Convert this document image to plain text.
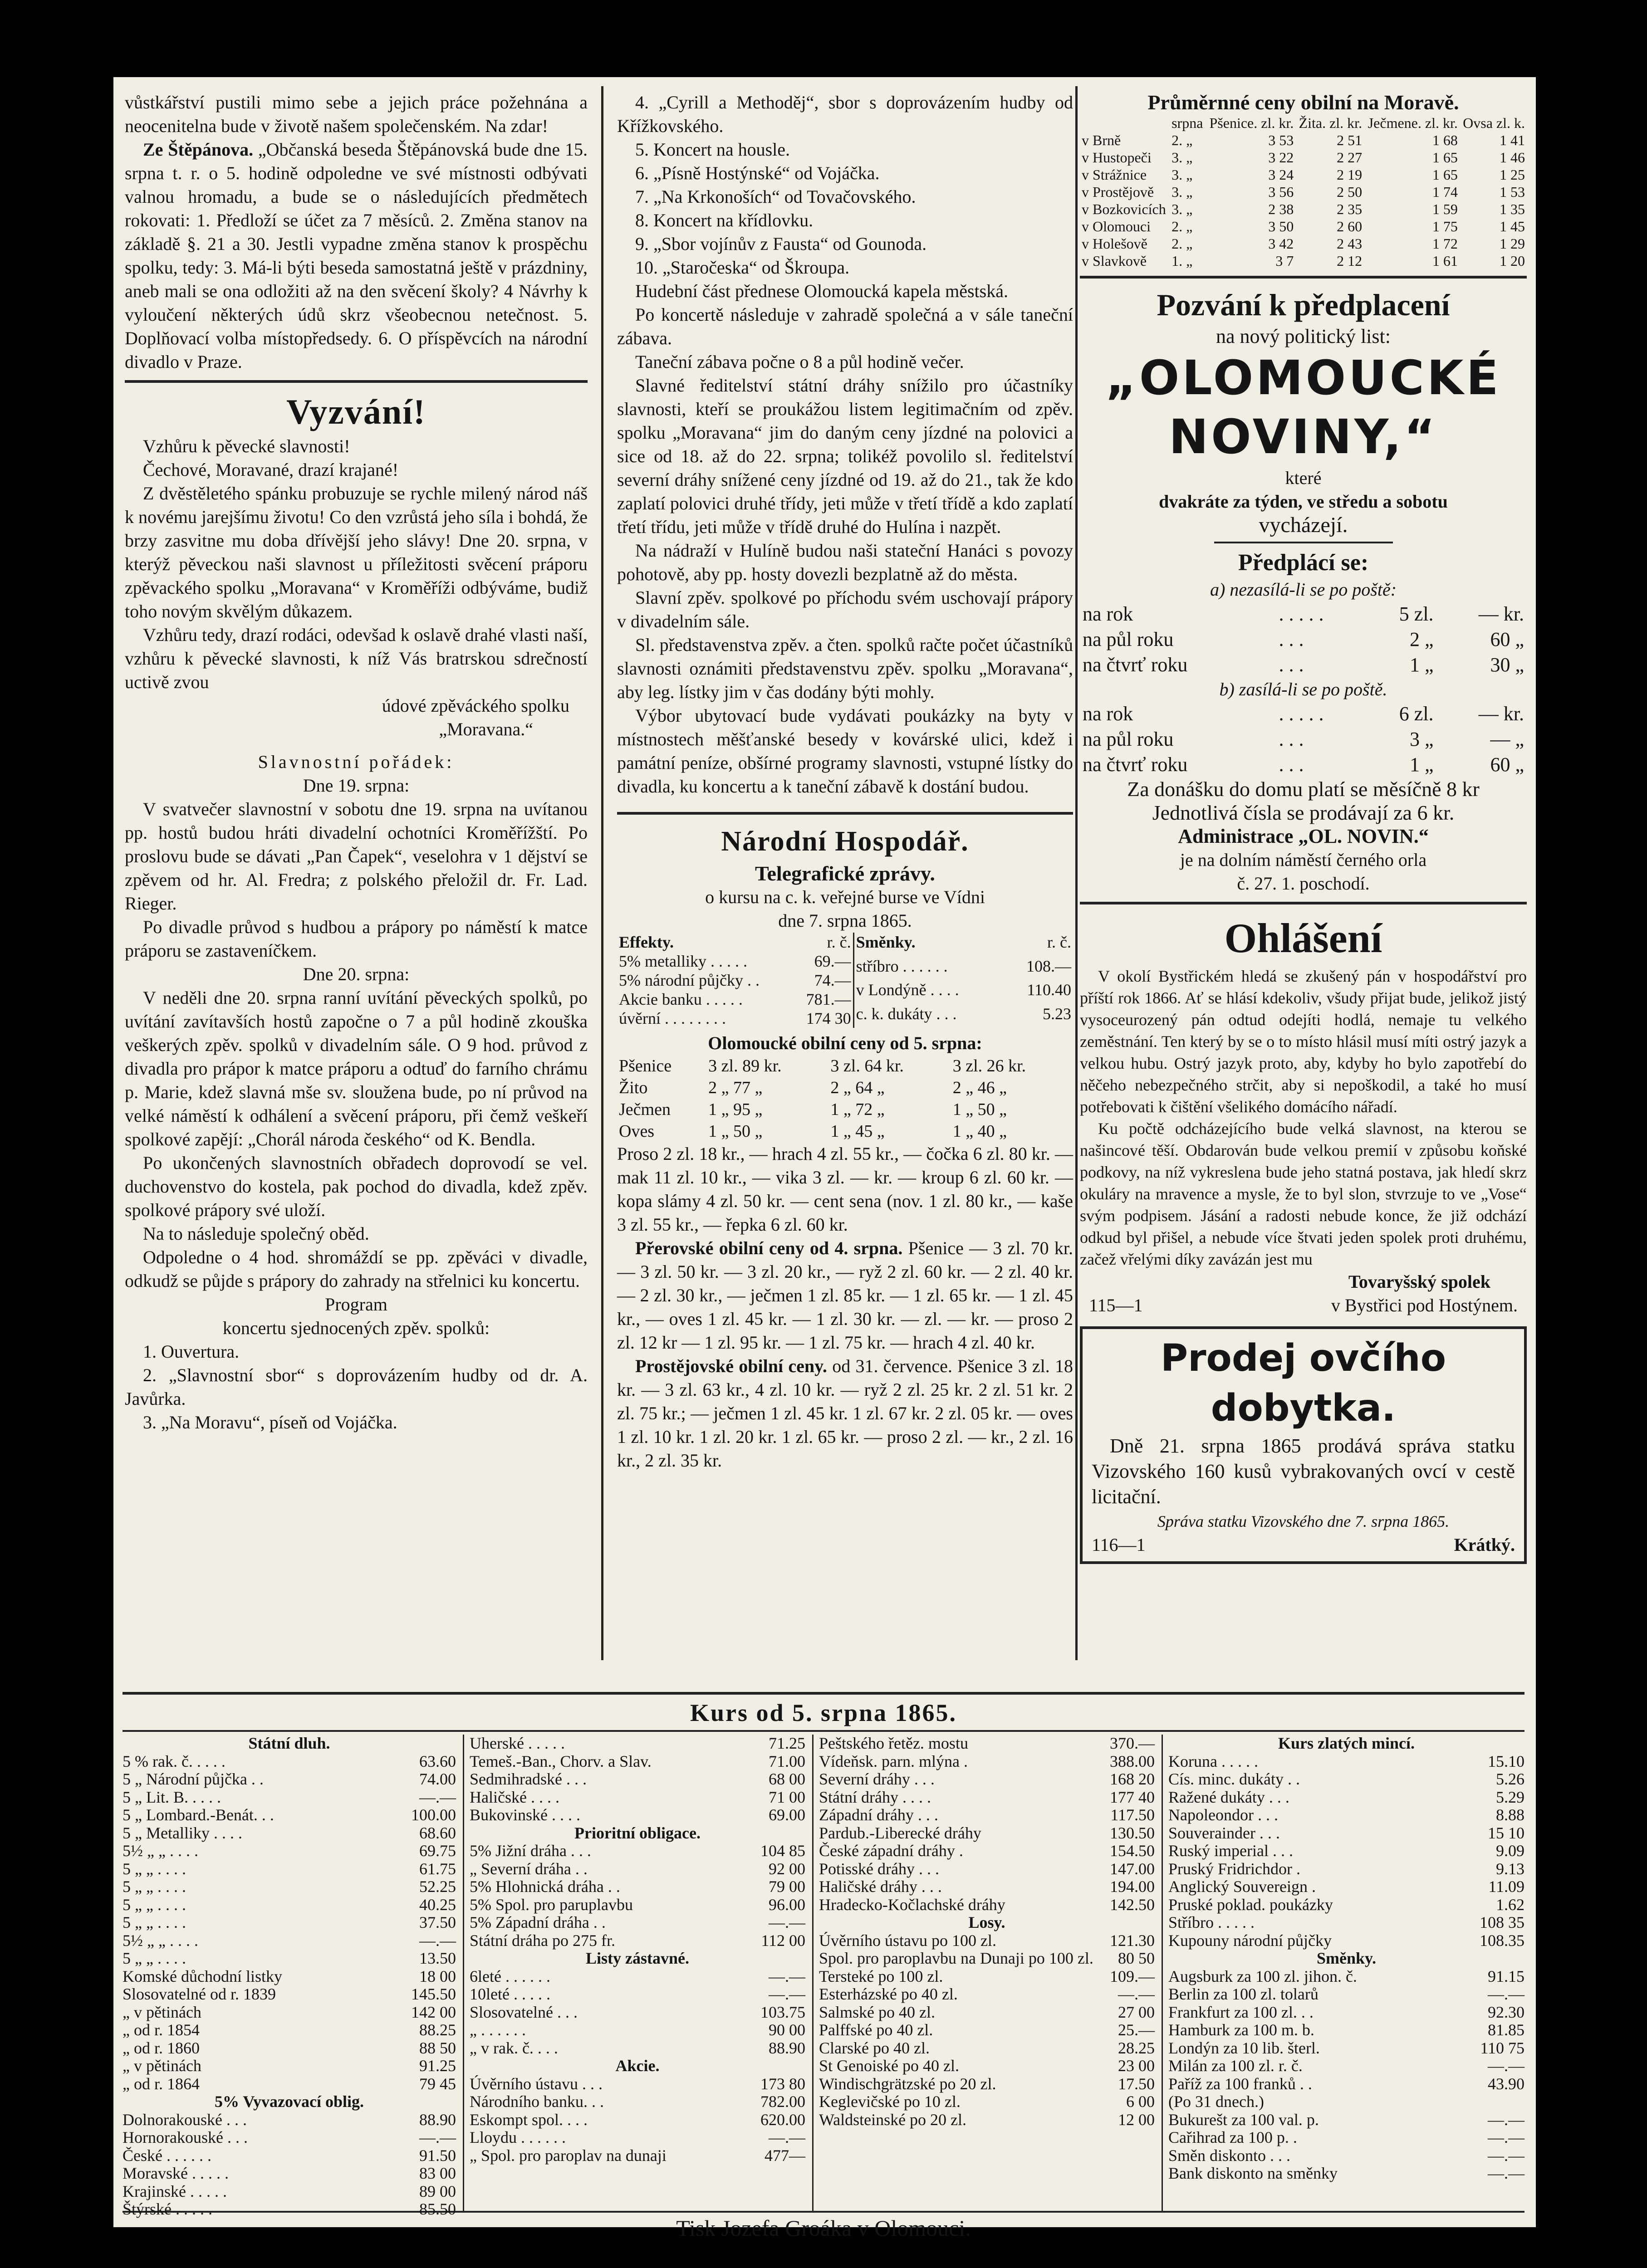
vůstkářství pustili mimo sebe a jejich práce požehnána a neocenitelna bude v životě našem společenském. Na zdar!

Ze Štěpánova. „Občanská beseda Štěpánovská bude dne 15. srpna t. r. o 5. hodině odpoledne ve své místnosti odbývati valnou hromadu, a bude se o následujících předmětech rokovati: 1. Předloží se účet za 7 měsíců. 2. Změna stanov na základě §. 21 a 30. Jestli vypadne změna stanov k prospěchu spolku, tedy: 3. Má-li býti beseda samostatná ještě v prázdniny, aneb mali se ona odložiti až na den svěcení školy? 4 Návrhy k vyloučení některých údů skrz všeobecnou netečnost. 5. Doplňovací volba místopředsedy. 6. O příspěvcích na národní divadlo v Praze.

Vyzvání!

Vzhůru k pěvecké slavnosti!

Čechové, Moravané, drazí krajané!

Z dvěstěletého spánku probuzuje se rychle milený národ náš k novému jarejšímu životu! Co den vzrůstá jeho síla i bohdá, že brzy zasvitne mu doba dřívější jeho slávy! Dne 20. srpna, v kterýž pěveckou naši slavnost u příležitosti svěcení práporu zpěvackého spolku „Moravana“ v Kroměříži odbýváme, budiž toho novým skvělým důkazem.

Vzhůru tedy, drazí rodáci, odevšad k oslavě drahé vlasti naší, vzhůru k pěvecké slavnosti, k níž Vás bratrskou sdrečností uctivě zvou

údové zpěváckého spolku

„Moravana.“

Slavnostní pořádek:

Dne 19. srpna:

V svatvečer slavnostní v sobotu dne 19. srpna na uvítanou pp. hostů budou hráti divadelní ochotníci Kroměřížští. Po proslovu bude se dávati „Pan Čapek“, veselohra v 1 dějství se zpěvem od hr. Al. Fredra; z polského přeložil dr. Fr. Lad. Rieger.

Po divadle průvod s hudbou a prápory po náměstí k matce práporu se zastaveníčkem.

Dne 20. srpna:

V neděli dne 20. srpna ranní uvítání pěveckých spolků, po uvítání zavítavších hostů započne o 7 a půl hodině zkouška veškerých zpěv. spolků v divadelním sále. O 9 hod. průvod z divadla pro prápor k matce práporu a odtuď do farního chrámu p. Marie, kdež slavná mše sv. sloužena bude, po ní průvod na velké náměstí k odhálení a svěcení práporu, při čemž veškeří spolkové zapějí: „Chorál národa českého“ od K. Bendla.

Po ukončených slavnostních obřadech doprovodí se vel. duchovenstvo do kostela, pak pochod do divadla, kdež zpěv. spolkové prápory své uloží.

Na to následuje společný oběd.

Odpoledne o 4 hod. shromáždí se pp. zpěváci v divadle, odkudž se půjde s prápory do zahrady na střelnici ku koncertu.

Program

koncertu sjednocených zpěv. spolků:

1. Ouvertura.

2. „Slavnostní sbor“ s doprovázením hudby od dr. A. Javůrka.

3. „Na Moravu“, píseň od Vojáčka.

4. „Cyrill a Methoděj“, sbor s doprovázením hudby od Křížkovského.

5. Koncert na housle.

6. „Písně Hostýnské“ od Vojáčka.

7. „Na Krkonoších“ od Tovačovského.

8. Koncert na křídlovku.

9. „Sbor vojínův z Fausta“ od Gounoda.

10. „Staročeska“ od Škroupa.

Hudební část přednese Olomoucká kapela městská.

Po koncertě následuje v zahradě společná a v sále taneční zábava.

Taneční zábava počne o 8 a půl hodině večer.

Slavné ředitelství státní dráhy snížilo pro účastníky slavnosti, kteří se proukážou listem legitimačním od zpěv. spolku „Moravana“ jim do daným ceny jízdné na polovici a sice od 18. až do 22. srpna; tolikéž povolilo sl. ředitelství severní dráhy snížené ceny jízdné od 19. až do 21., tak že kdo zaplatí polovici druhé třídy, jeti může v třetí třídě a kdo zaplatí třetí třídu, jeti může v třídě druhé do Hulína i nazpět.

Na nádraží v Hulíně budou naši stateční Hanáci s povozy pohotově, aby pp. hosty dovezli bezplatně až do města.

Slavní zpěv. spolkové po příchodu svém uschovají prápory v divadelním sále.

Sl. představenstva zpěv. a čten. spolků račte počet účastníků slavnosti oznámiti představenstvu zpěv. spolku „Moravana“, aby leg. lístky jim v čas dodány býti mohly.

Výbor ubytovací bude vydávati poukázky na byty v místnostech měšťanské besedy v kovárské ulici, kdež i památní peníze, obšírné programy slavnosti, vstupné lístky do divadla, ku koncertu a k taneční zábavě k dostání budou.

Národní Hospodář.
Telegrafické zprávy.
o kursu na c. k. veřejné burse ve Vídni
dne 7. srpna 1865.
Effekty.	r. č.
5% metalliky . . . . .	69.—
5% národní půjčky . .	74.—
Akcie banku . . . . .	781.—
úvěrní . . . . . . . .	174 30
Směnky.	r. č.
stříbro . . . . . .	108.—
v Londýně . . . .	110.40
c. k. dukáty . . .	5.23
Olomoucké obilní ceny od 5. srpna:
Pšenice	3 zl. 89 kr.	3 zl. 64 kr.	3 zl. 26 kr.
Žito	2 „ 77 „	2 „ 64 „	2 „ 46 „
Ječmen	1 „ 95 „	1 „ 72 „	1 „ 50 „
Oves	1 „ 50 „	1 „ 45 „	1 „ 40 „

Proso 2 zl. 18 kr., — hrach 4 zl. 55 kr., — čočka 6 zl. 80 kr. —mak 11 zl. 10 kr., — vika 3 zl. — kr. — kroup 6 zl. 60 kr. — kopa slámy 4 zl. 50 kr. — cent sena (nov. 1 zl. 80 kr., — kaše 3 zl. 55 kr., — řepka 6 zl. 60 kr.

Přerovské obilní ceny od 4. srpna. Pšenice — 3 zl. 70 kr. — 3 zl. 50 kr. — 3 zl. 20 kr., — ryž 2 zl. 60 kr. — 2 zl. 40 kr. — 2 zl. 30 kr., — ječmen 1 zl. 85 kr. — 1 zl. 65 kr. — 1 zl. 45 kr., — oves 1 zl. 45 kr. — 1 zl. 30 kr. — zl. — kr. — proso 2 zl. 12 kr — 1 zl. 95 kr. — 1 zl. 75 kr. — hrach 4 zl. 40 kr.

Prostějovské obilní ceny. od 31. července. Pšenice 3 zl. 18 kr. — 3 zl. 63 kr., 4 zl. 10 kr. — ryž 2 zl. 25 kr. 2 zl. 51 kr. 2 zl. 75 kr.; — ječmen 1 zl. 45 kr. 1 zl. 67 kr. 2 zl. 05 kr. — oves 1 zl. 10 kr. 1 zl. 20 kr. 1 zl. 65 kr. — proso 2 zl. — kr., 2 zl. 16 kr., 2 zl. 35 kr.

Průměrnné ceny obilní na Moravě.
	srpna	Pšenice. zl. kr.	Žita. zl. kr.	Ječmene. zl. kr.	Ovsa zl. k.
v Brně	2. „	3 53	2 51	1 68	1 41
v Hustopeči	3. „	3 22	2 27	1 65	1 46
v Strážnice	3. „	3 24	2 19	1 65	1 25
v Prostějově	3. „	3 56	2 50	1 74	1 53
v Bozkovicích	3. „	2 38	2 35	1 59	1 35
v Olomouci	2. „	3 50	2 60	1 75	1 45
v Holešově	2. „	3 42	2 43	1 72	1 29
v Slavkově	1. „	3 7	2 12	1 61	1 20
Pozvání k předplacení
na nový politický list:
„OLOMOUCKÉ NOVINY,“
které
dvakráte za týden, ve středu a sobotu
vycházejí.
Předplácí se:
a) nezasílá-li se po poště:
na rok	. . . . .	5 zl.	— kr.
na půl roku	. . .	2 „	60 „
na čtvrť roku	. . .	1 „	30 „
b) zasílá-li se po poště.
na rok	. . . . .	6 zl.	— kr.
na půl roku	. . .	3 „	— „
na čtvrť roku	. . .	1 „	60 „
Za donášku do domu platí se měsíčně 8 kr
Jednotlivá čísla se prodávají za 6 kr.
Administrace „OL. NOVIN.“
je na dolním náměstí černého orla
č. 27. 1. poschodí.
Ohlášení

V okolí Bystřickém hledá se zkušený pán v hospodářství pro příští rok 1866. Ať se hlásí kdekoliv, všudy přijat bude, jelikož jistý vysoceurozený pán odtud odejíti hodlá, nemaje tu velkého zeměstnání. Ten který by se o to místo hlásil musí míti ostrý jazyk a velkou hubu. Ostrý jazyk proto, aby, kdyby ho bylo zapotřebí do něčeho nebezpečného strčit, aby si nepoškodil, a také ho musí potřebovati k čištění všelikého domácího nářadí.

Ku počtě odcházejícího bude velká slavnost, na kterou se našincové těší. Obdarován bude velkou premií v způsobu koňské podkovy, na níž vykreslena bude jeho statná postava, jak hledí skrz okuláry na mravence a mysle, že to byl slon, stvrzuje to ve „Vose“ svým podpisem. Jásání a radosti nebude konce, že již odchází odkud byl přišel, a nebude více štvati jeden spolek proti druhému, začež vřelými díky zavázán jest mu

Tovaryšský spolek
115—1	v Bystřici pod Hostýnem.
Prodej ovčího dobytka.

Dně 21. srpna 1865 prodává správa statku Vizovského 160 kusů vybrakovaných ovcí v cestě licitační.

Správa statku Vizovského dne 7. srpna 1865.
116—1	Krátký.
Kurs od 5. srpna 1865.
Státní dluh.
5 % rak. č. . . . .	63.60
5 „ Národní půjčka . .	74.00
5 „ Lit. B. . . . .	—.—
5 „ Lombard.-Benát. . .	100.00
5 „ Metalliky . . . .	68.60
5½ „ „ . . . .	69.75
5 „ „ . . . .	61.75
5 „ „ . . . .	52.25
5 „ „ . . . .	40.25
5 „ „ . . . .	37.50
5½ „ „ . . . .	—.—
5 „ „ . . . .	13.50
Komské důchodní listky	18 00
Slosovatelné od r. 1839	145.50
„ v pětinách	142 00
„ od r. 1854	88.25
„ od r. 1860	88 50
„ v pětinách	91.25
„ od r. 1864	79 45
5% Vyvazovací oblig.
Dolnorakouské . . .	88.90
Hornorakouské . . .	—.—
České . . . . . .	91.50
Moravské . . . . .	83 00
Krajinské . . . . .	89 00
Štýrské . . . . .	85.50
Uherské . . . . .	71.25
Temeš.-Ban., Chorv. a Slav.	71.00
Sedmihradské . . .	68 00
Haličské . . . .	71 00
Bukovinské . . . .	69.00
Prioritní obligace.
5% Jižní dráha . . .	104 85
„ Severní dráha . .	92 00
5% Hlohnická dráha . .	79 00
5% Spol. pro paruplavbu	96.00
5% Západní dráha . .	—.—
Státní dráha po 275 fr.	112 00
Listy zástavné.
6leté . . . . . .	—.—
10leté . . . . .	—.—
Slosovatelné . . .	103.75
„ . . . . . .	90 00
„ v rak. č. . . .	88.90
Akcie.
Úvěrního ústavu . . .	173 80
Národního banku. . .	782.00
Eskompt spol. . . .	620.00
Lloydu . . . . . .	—.—
„ Spol. pro paroplav na dunaji	477—
Peštského řetěz. mostu	370.—
Vídeňsk. parn. mlýna .	388.00
Severní dráhy . . .	168 20
Státní dráhy . . . .	177 40
Západní dráhy . . .	117.50
Pardub.-Liberecké dráhy	130.50
České západní dráhy .	154.50
Potisské dráhy . . .	147.00
Haličské dráhy . . .	194.00
Hradecko-Kočlachské dráhy	142.50
Losy.
Úvěrního ústavu po 100 zl.	121.30
Spol. pro paroplavbu na Dunaji po 100 zl. 80 50
Tersteké po 100 zl.	109.—
Esterházské po 40 zl.	—.—
Salmské po 40 zl.	27 00
Palffské po 40 zl.	25.—
Clarské po 40 zl.	28.25
St Genoiské po 40 zl.	23 00
Windischgrätzské po 20 zl.	17.50
Keglevičské po 10 zl.	6 00
Waldsteinské po 20 zl.	12 00
Kurs zlatých mincí.
Koruna . . . . .	15.10
Cís. minc. dukáty . .	5.26
Ražené dukáty . . .	5.29
Napoleondor . . .	8.88
Souverainder . . .	15 10
Ruský imperial . . .	9.09
Pruský Fridrichdor .	9.13
Anglický Souvereign .	11.09
Pruské poklad. poukázky	1.62
Stříbro . . . . .	108 35
Kupouny národní půjčky	108.35
Směnky.
Augsburk za 100 zl. jihon. č.	91.15
Berlin za 100 zl. tolarů	—.—
Frankfurt za 100 zl. . .	92.30
Hamburk za 100 m. b.	81.85
Londýn za 10 lib. šterl.	110 75
Milán za 100 zl. r. č.	—.—
Paříž za 100 franků . .	43.90
(Po 31 dnech.)
Bukurešt za 100 val. p.	—.—
Cařihrad za 100 p. .	—.—
Směn diskonto . . .	—.—
Bank diskonto na směnky	—.—
Tisk Jozefa Groáka v Olomouci.
